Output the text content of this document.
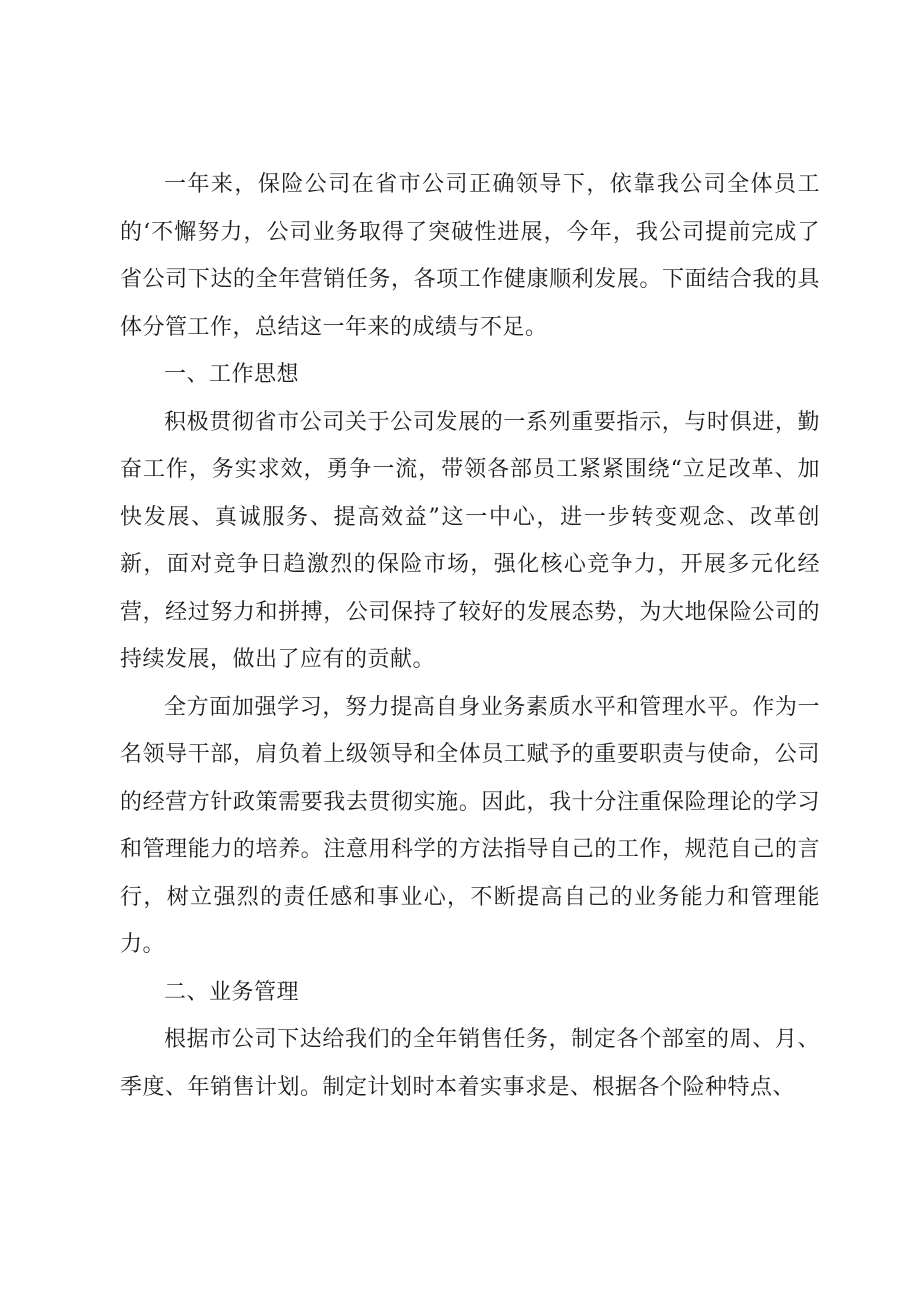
一年来，保险公司在省市公司正确领导下，依靠我公司全体员工的‘不懈努力，公司业务取得了突破性进展，今年，我公司提前完成了省公司下达的全年营销任务，各项工作健康顺利发展。下面结合我的具体分管工作，总结这一年来的成绩与不足。

一、工作思想

积极贯彻省市公司关于公司发展的一系列重要指示，与时俱进，勤奋工作，务实求效，勇争一流，带领各部员工紧紧围绕“立足改革、加快发展、真诚服务、提高效益”这一中心，进一步转变观念、改革创新，面对竞争日趋激烈的保险市场，强化核心竞争力，开展多元化经营，经过努力和拼搏，公司保持了较好的发展态势，为大地保险公司的持续发展，做出了应有的贡献。

全方面加强学习，努力提高自身业务素质水平和管理水平。作为一名领导干部，肩负着上级领导和全体员工赋予的重要职责与使命，公司的经营方针政策需要我去贯彻实施。因此，我十分注重保险理论的学习和管理能力的培养。注意用科学的方法指导自己的工作，规范自己的言行，树立强烈的责任感和事业心，不断提高自己的业务能力和管理能力。

二、业务管理

根据市公司下达给我们的全年销售任务，制定各个部室的周、月、季度、年销售计划。制定计划时本着实事求是、根据各个险种特点、
